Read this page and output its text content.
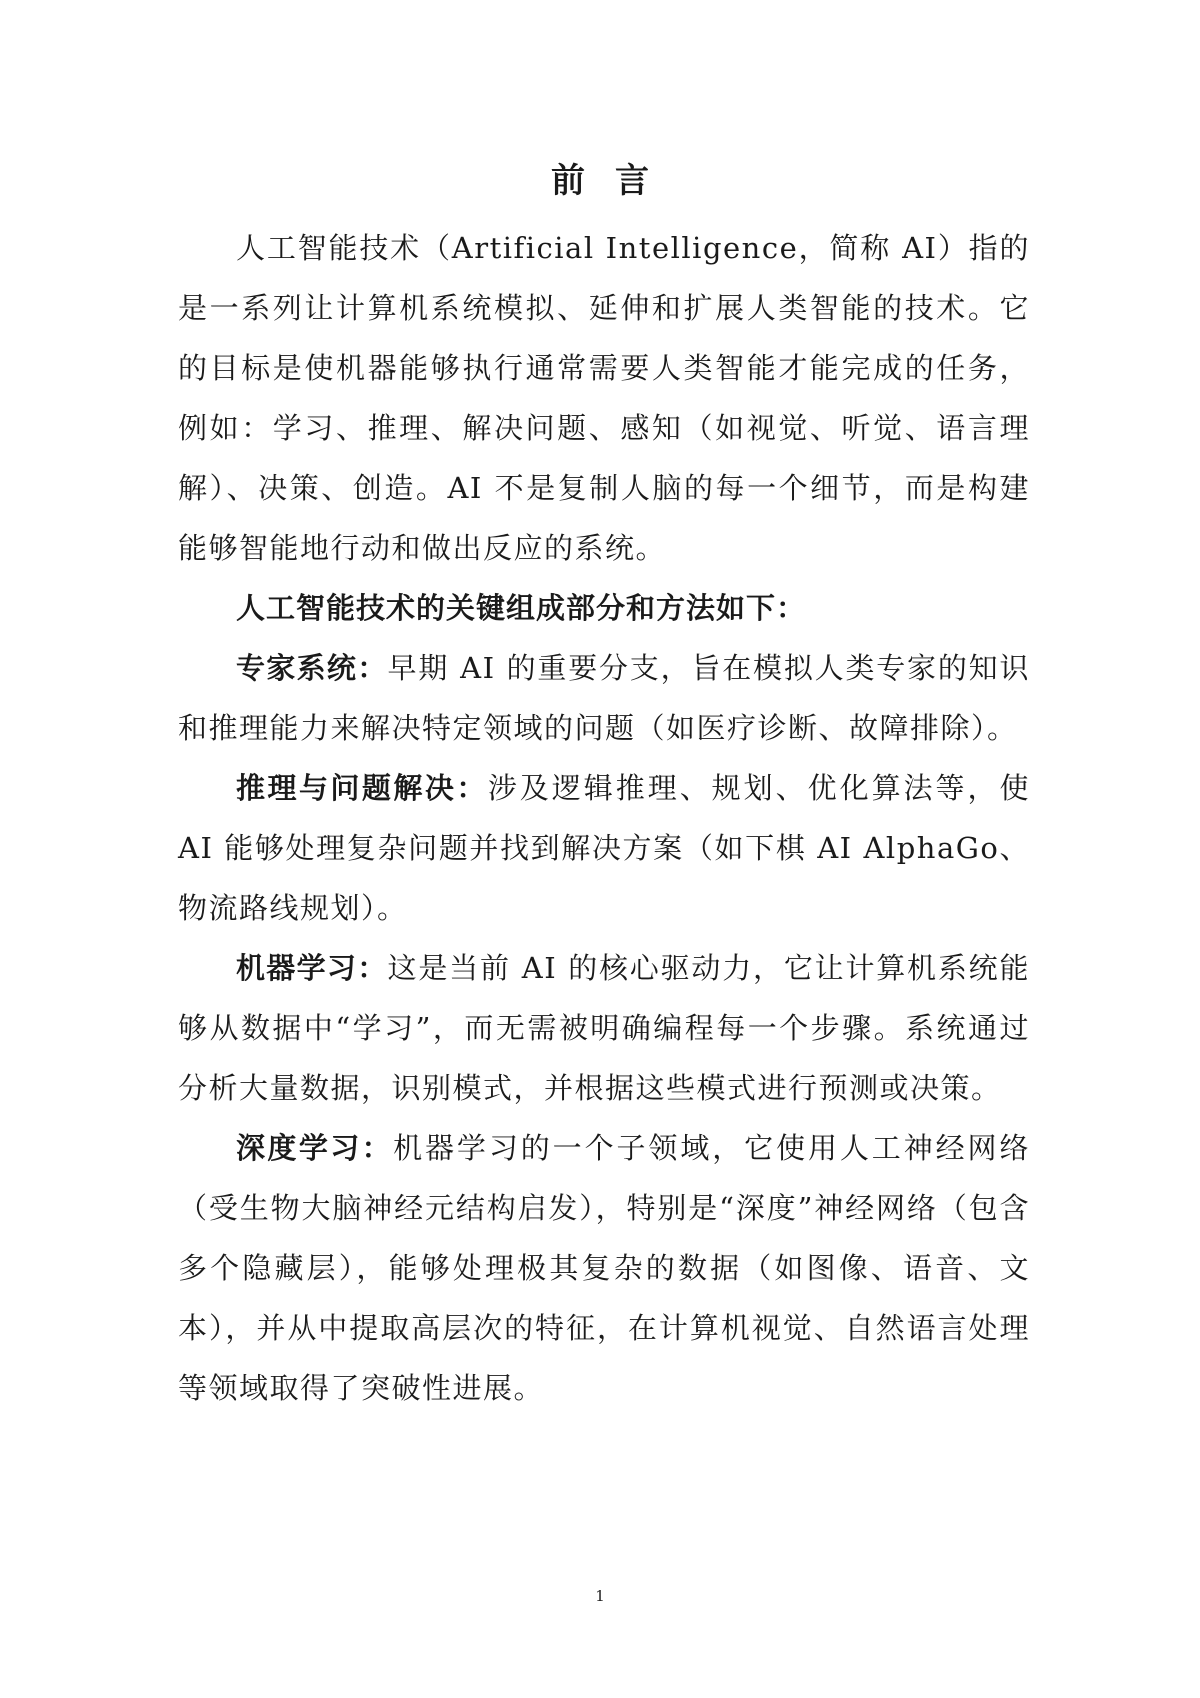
前言

人工智能技术（Artificial Intelligence，简称 AI）指的是一系列让计算机系统模拟、延伸和扩展人类智能的技术。它的目标是使机器能够执行通常需要人类智能才能完成的任务，例如：学习、推理、解决问题、感知（如视觉、听觉、语言理解）、决策、创造。AI 不是复制人脑的每一个细节，而是构建能够智能地行动和做出反应的系统。

人工智能技术的关键组成部分和方法如下：

专家系统：早期 AI 的重要分支，旨在模拟人类专家的知识和推理能力来解决特定领域的问题（如医疗诊断、故障排除）。

推理与问题解决：涉及逻辑推理、规划、优化算法等，使 AI 能够处理复杂问题并找到解决方案（如下棋 AI AlphaGo、物流路线规划）。

机器学习：这是当前 AI 的核心驱动力，它让计算机系统能够从数据中“学习”，而无需被明确编程每一个步骤。系统通过分析大量数据，识别模式，并根据这些模式进行预测或决策。

深度学习：机器学习的一个子领域，它使用人工神经网络（受生物大脑神经元结构启发），特别是“深度”神经网络（包含多个隐藏层），能够处理极其复杂的数据（如图像、语音、文本），并从中提取高层次的特征，在计算机视觉、自然语言处理等领域取得了突破性进展。

1
